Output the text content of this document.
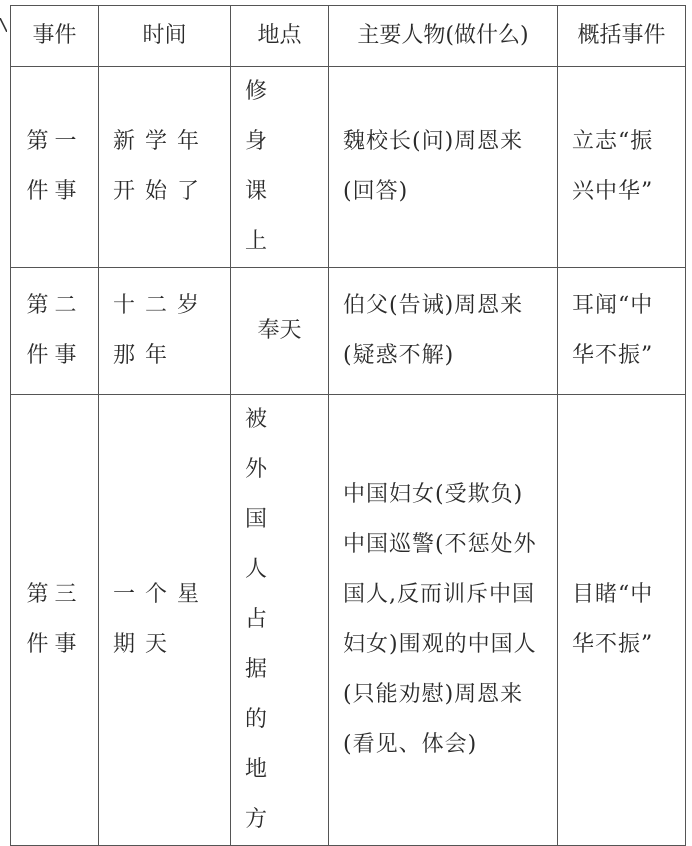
事件	时间	地点	主要人物(做什么)	概括事件
第一件事	新学年开始了	修身课上	魏校长(问)周恩来(回答)	立志“振兴中华”
第二件事	十二岁那年	奉天	伯父(告诫)周恩来(疑惑不解)	耳闻“中华不振”
第三件事	一个星期天	被外国人占据的地方	中国妇女(受欺负)中国巡警(不惩处外国人,反而训斥中国妇女)围观的中国人(只能劝慰)周恩来(看见、体会)	目睹“中华不振”
